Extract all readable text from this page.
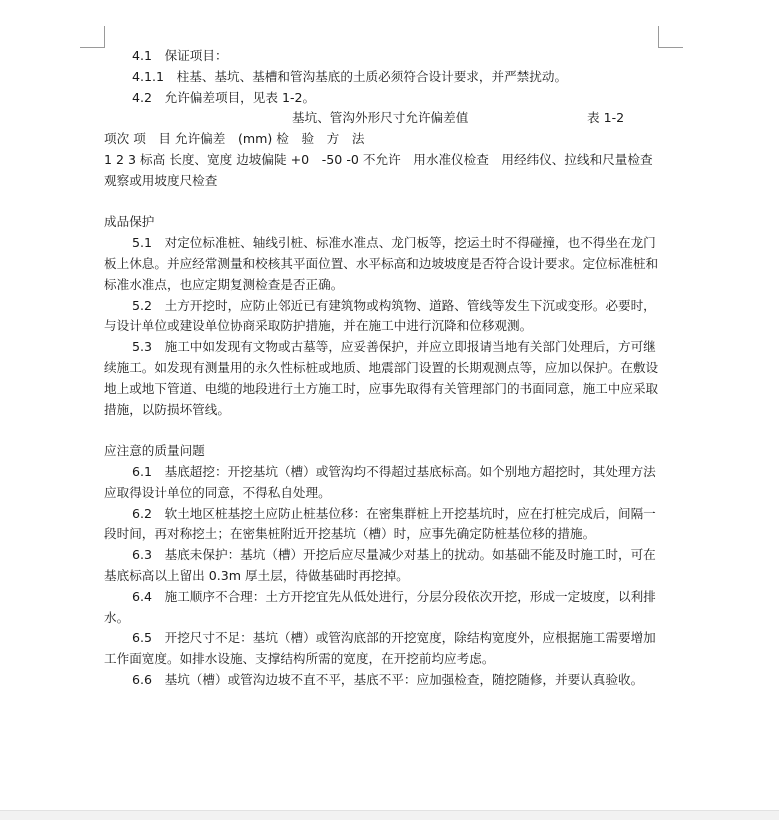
4.1　保证项目：

4.1.1　柱基、基坑、基槽和管沟基底的土质必须符合设计要求，并严禁扰动。

4.2　允许偏差项目，见表 1-2。

基坑、管沟外形尺寸允许偏差值	表 1-2

项次 项　目 允许偏差　(mm) 检　验　方　法

1 2 3 标高 长度、宽度 边坡偏陡 +0　-50 -0 不允许　用水准仪检查　用经纬仪、拉线和尺量检查　观察或用坡度尺检查

成品保护

5.1　对定位标准桩、轴线引桩、标准水准点、龙门板等，挖运土时不得碰撞，也不得坐在龙门板上休息。并应经常测量和校核其平面位置、水平标高和边坡坡度是否符合设计要求。定位标准桩和标准水准点，也应定期复测检查是否正确。

5.2　土方开挖时，应防止邻近已有建筑物或构筑物、道路、管线等发生下沉或变形。必要时，与设计单位或建设单位协商采取防护措施，并在施工中进行沉降和位移观测。

5.3　施工中如发现有文物或古墓等，应妥善保护，并应立即报请当地有关部门处理后，方可继续施工。如发现有测量用的永久性标桩或地质、地震部门设置的长期观测点等，应加以保护。在敷设地上或地下管道、电缆的地段进行土方施工时，应事先取得有关管理部门的书面同意，施工中应采取措施，以防损坏管线。

应注意的质量问题

6.1　基底超挖：开挖基坑（槽）或管沟均不得超过基底标高。如个别地方超挖时，其处理方法应取得设计单位的同意，不得私自处理。

6.2　软土地区桩基挖土应防止桩基位移：在密集群桩上开挖基坑时，应在打桩完成后，间隔一段时间，再对称挖土；在密集桩附近开挖基坑（槽）时，应事先确定防桩基位移的措施。

6.3　基底未保护：基坑（槽）开挖后应尽量减少对基上的扰动。如基础不能及时施工时，可在基底标高以上留出 0.3m 厚土层，待做基础时再挖掉。

6.4　施工顺序不合理：土方开挖宜先从低处进行，分层分段依次开挖，形成一定坡度，以利排水。

6.5　开挖尺寸不足：基坑（槽）或管沟底部的开挖宽度，除结构宽度外，应根据施工需要增加工作面宽度。如排水设施、支撑结构所需的宽度，在开挖前均应考虑。

6.6　基坑（槽）或管沟边坡不直不平，基底不平：应加强检查，随挖随修，并要认真验收。
